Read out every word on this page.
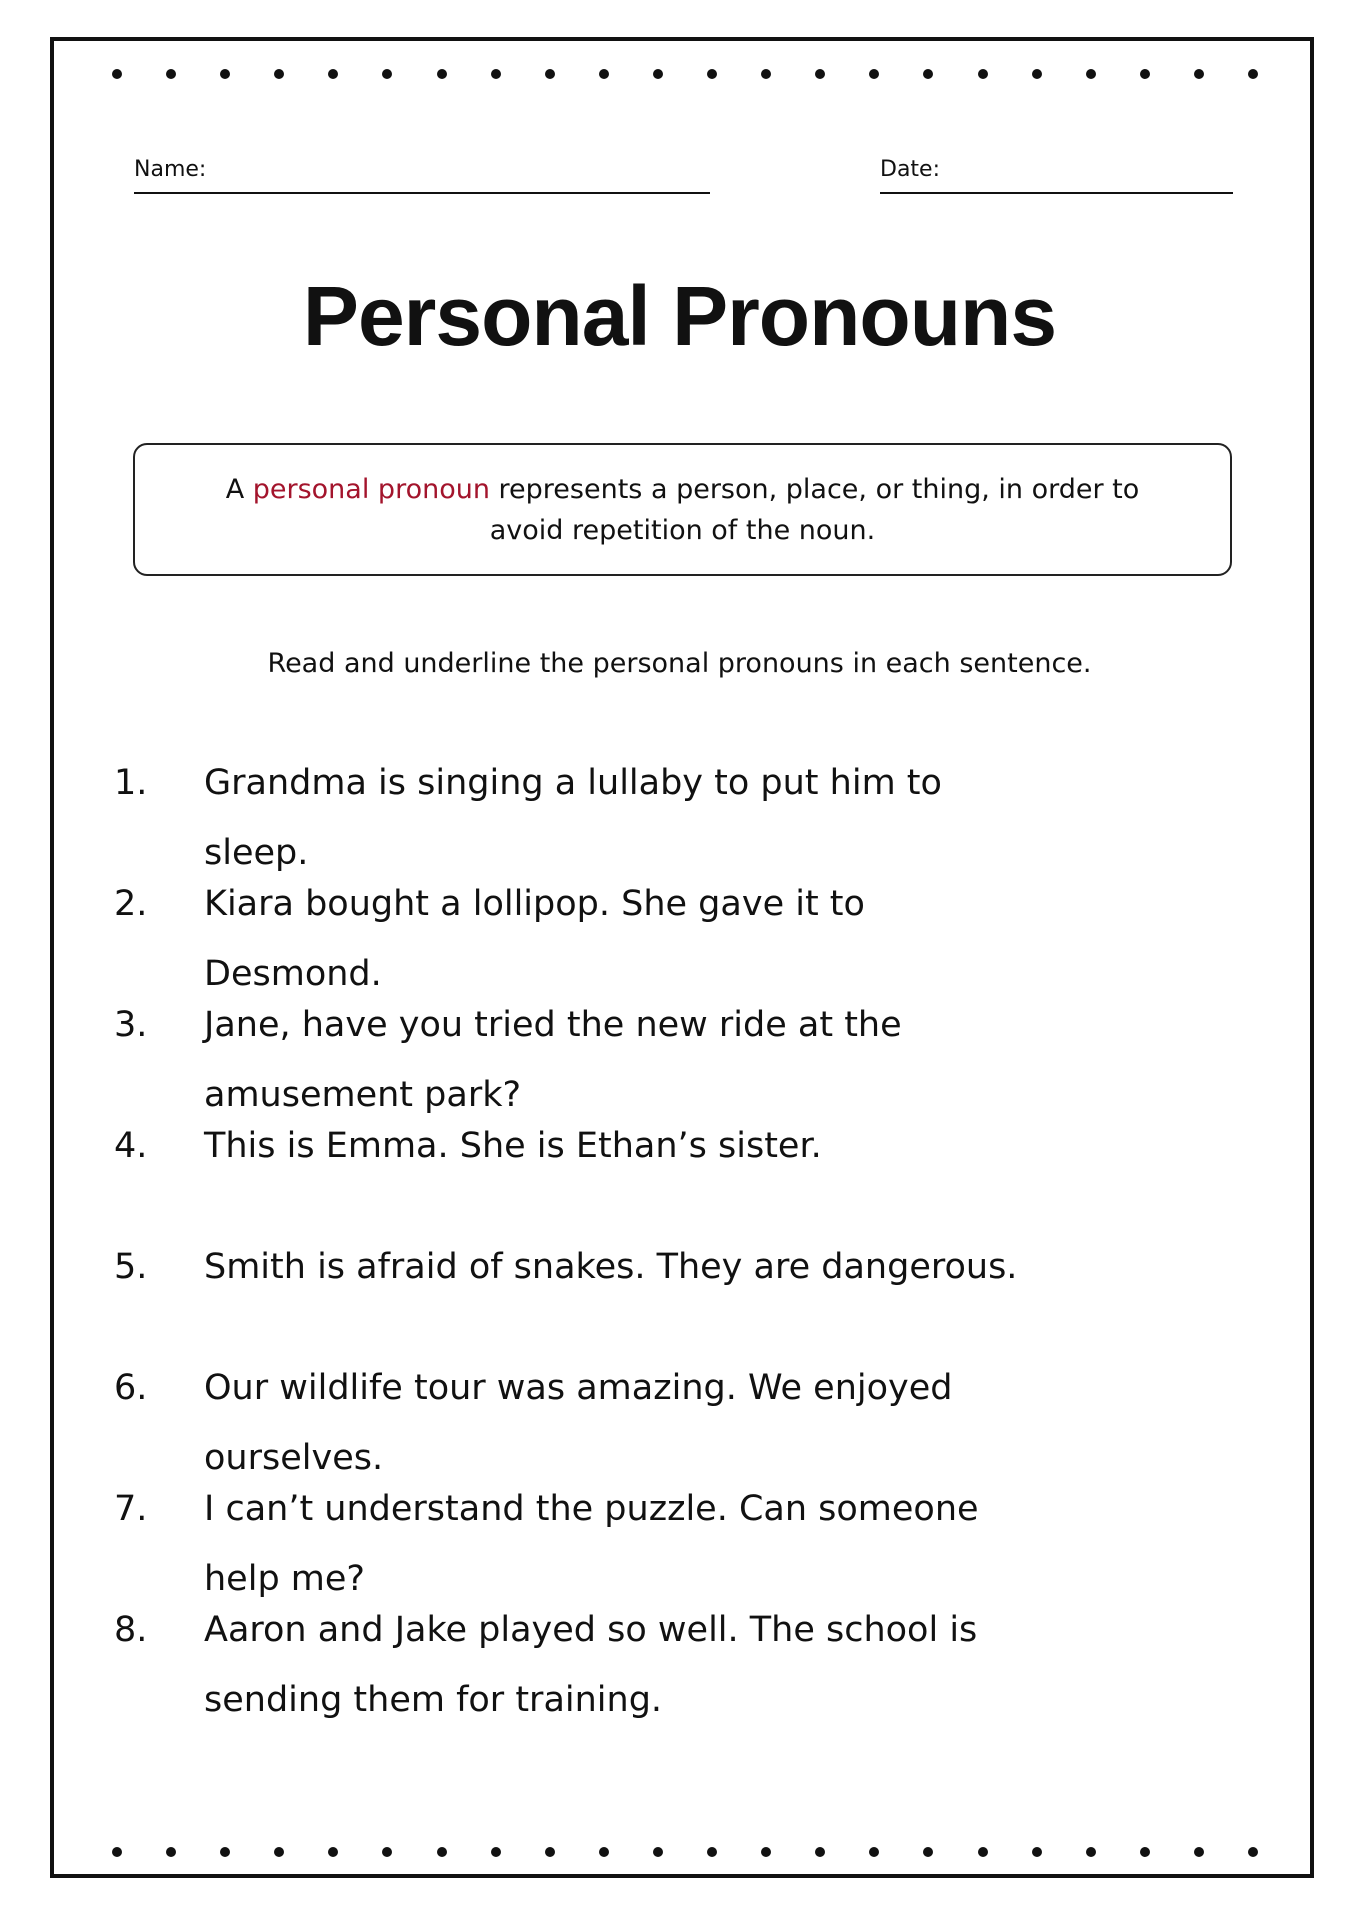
Name:	Date:
Personal Pronouns
A personal pronoun represents a person, place, or thing, in order to avoid repetition of the noun.
Read and underline the personal pronouns in each sentence.
1.	Grandma is singing a lullaby to put him to sleep.
2.	Kiara bought a lollipop. She gave it to Desmond.
3.	Jane, have you tried the new ride at the amusement park?
4.	This is Emma. She is Ethan’s sister.
5.	Smith is afraid of snakes. They are dangerous.
6.	Our wildlife tour was amazing. We enjoyed ourselves.
7.	I can’t understand the puzzle. Can someone help me?
8.	Aaron and Jake played so well. The school is sending them for training.
